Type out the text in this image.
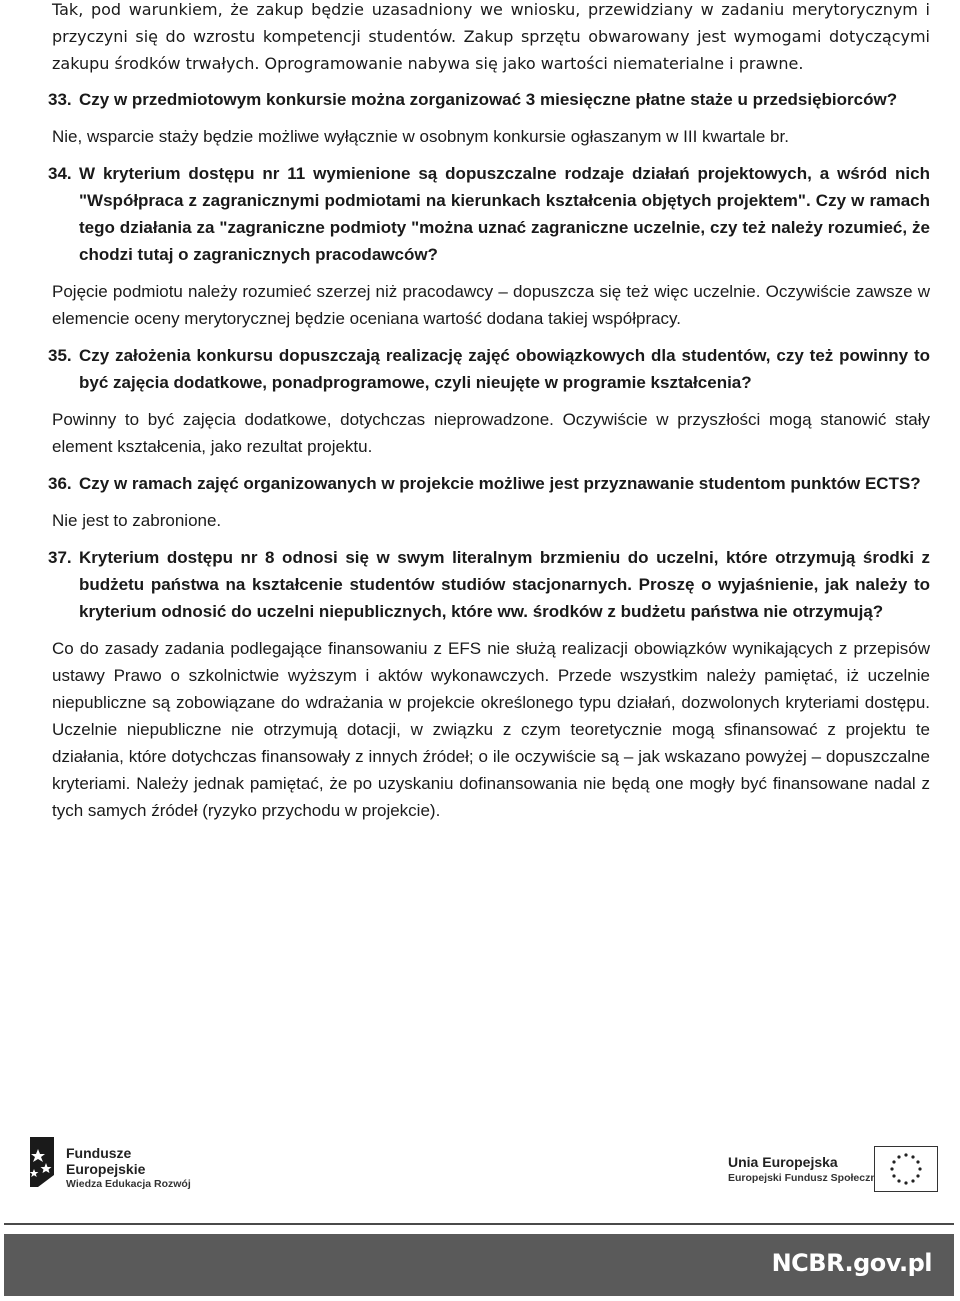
Tak, pod warunkiem, że zakup będzie uzasadniony we wniosku, przewidziany w zadaniu merytorycznym i przyczyni się do wzrostu kompetencji studentów. Zakup sprzętu obwarowany jest wymogami dotyczącymi zakupu środków trwałych. Oprogramowanie nabywa się jako wartości niematerialne i prawne.

33. Czy w przedmiotowym konkursie można zorganizować 3 miesięczne płatne staże u przedsiębiorców?

Nie, wsparcie staży będzie możliwe wyłącznie w osobnym konkursie ogłaszanym w III kwartale br.

34. W kryterium dostępu nr 11 wymienione są dopuszczalne rodzaje działań projektowych, a wśród nich "Współpraca z zagranicznymi podmiotami na kierunkach kształcenia objętych projektem". Czy w ramach tego działania za "zagraniczne podmioty "można uznać zagraniczne uczelnie, czy też należy rozumieć, że chodzi tutaj o zagranicznych pracodawców?

Pojęcie podmiotu należy rozumieć szerzej niż pracodawcy – dopuszcza się też więc uczelnie. Oczywiście zawsze w elemencie oceny merytorycznej będzie oceniana wartość dodana takiej współpracy.

35. Czy założenia konkursu dopuszczają realizację zajęć obowiązkowych dla studentów, czy też powinny to być zajęcia dodatkowe, ponadprogramowe, czyli nieujęte w programie kształcenia?

Powinny to być zajęcia dodatkowe, dotychczas nieprowadzone. Oczywiście w przyszłości mogą stanowić stały element kształcenia, jako rezultat projektu.

36. Czy w ramach zajęć organizowanych w projekcie możliwe jest przyznawanie studentom punktów ECTS?

Nie jest to zabronione.

37. Kryterium dostępu nr 8 odnosi się w swym literalnym brzmieniu do uczelni, które otrzymują środki z budżetu państwa na kształcenie studentów studiów stacjonarnych. Proszę o wyjaśnienie, jak należy to kryterium odnosić do uczelni niepublicznych, które ww. środków z budżetu państwa nie otrzymują?

Co do zasady zadania podlegające finansowaniu z EFS nie służą realizacji obowiązków wynikających z przepisów ustawy Prawo o szkolnictwie wyższym i aktów wykonawczych. Przede wszystkim należy pamiętać, iż uczelnie niepubliczne są zobowiązane do wdrażania w projekcie określonego typu działań, dozwolonych kryteriami dostępu. Uczelnie niepubliczne nie otrzymują dotacji, w związku z czym teoretycznie mogą sfinansować z projektu te działania, które dotychczas finansowały z innych źródeł; o ile oczywiście są – jak wskazano powyżej – dopuszczalne kryteriami. Należy jednak pamiętać, że po uzyskaniu dofinansowania nie będą one mogły być finansowane nadal z tych samych źródeł (ryzyko przychodu w projekcie).

Fundusze
Europejskie
Wiedza Edukacja Rozwój
Unia Europejska
Europejski Fundusz Społeczny
NCBR.gov.pl
